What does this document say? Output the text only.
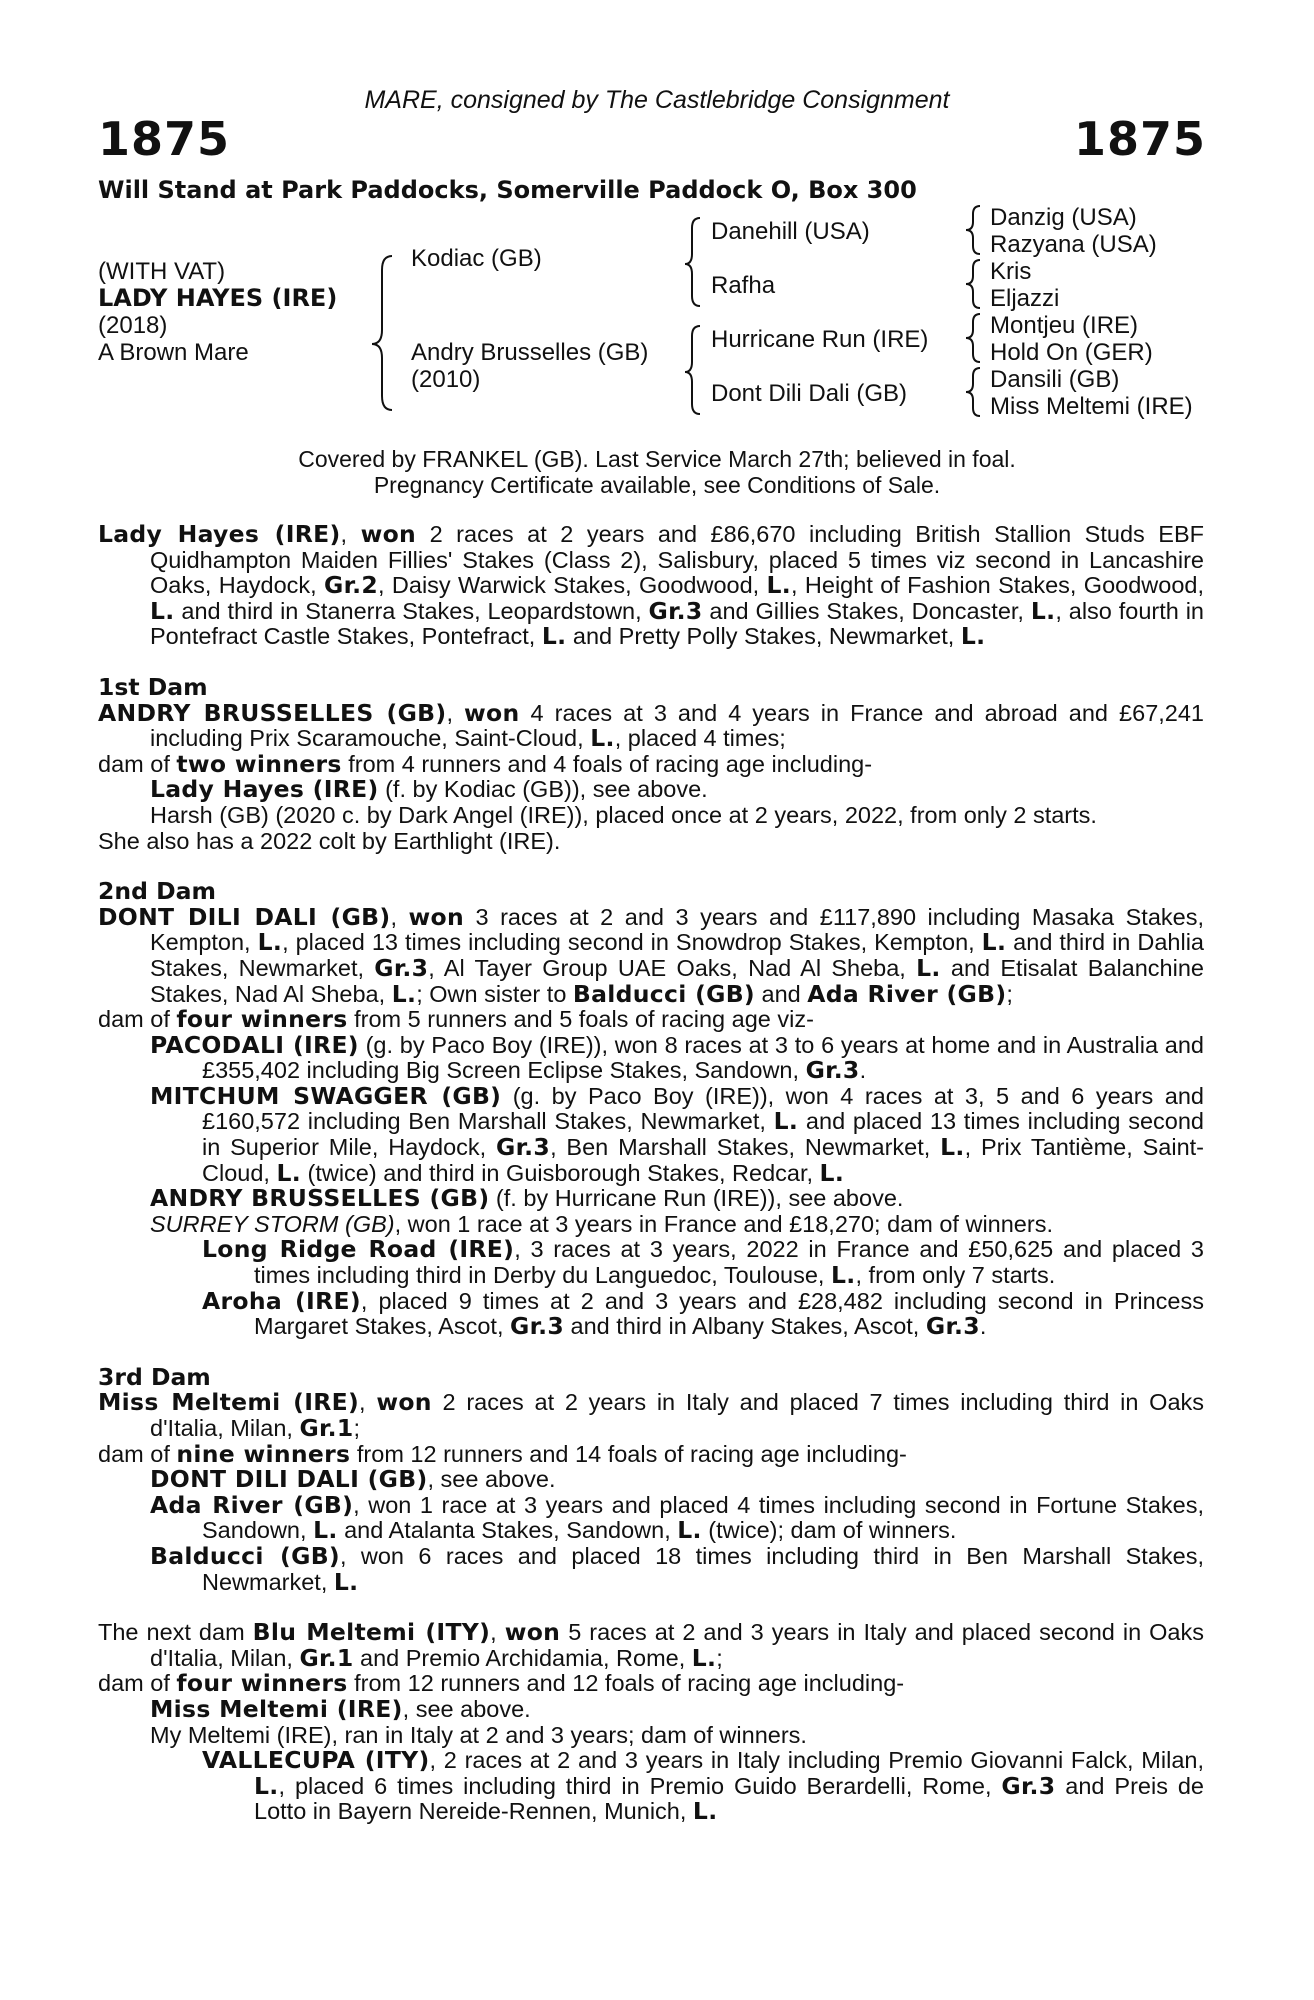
MARE, consigned by The Castlebridge Consignment
1875	1875
Will Stand at Park Paddocks, Somerville Paddock O, Box 300
(WITH VAT)
LADY HAYES (IRE)
(2018)
A Brown Mare
Kodiac (GB)
Andry Brusselles (GB)
(2010)
Danehill (USA)
Rafha
Hurricane Run (IRE)
Dont Dili Dali (GB)
Danzig (USA)
Razyana (USA)
Kris
Eljazzi
Montjeu (IRE)
Hold On (GER)
Dansili (GB)
Miss Meltemi (IRE)
Covered by FRANKEL (GB). Last Service March 27th; believed in foal.
Pregnancy Certificate available, see Conditions of Sale.

Lady Hayes (IRE), won 2 races at 2 years and £86,670 including British Stallion Studs EBF Quidhampton Maiden Fillies' Stakes (Class 2), Salisbury, placed 5 times viz second in Lancashire Oaks, Haydock, Gr.2, Daisy Warwick Stakes, Goodwood, L., Height of Fashion Stakes, Goodwood, L. and third in Stanerra Stakes, Leopardstown, Gr.3 and Gillies Stakes, Doncaster, L., also fourth in Pontefract Castle Stakes, Pontefract, L. and Pretty Polly Stakes, Newmarket, L.

1st Dam

ANDRY BRUSSELLES (GB), won 4 races at 3 and 4 years in France and abroad and £67,241 including Prix Scaramouche, Saint-Cloud, L., placed 4 times;

dam of two winners from 4 runners and 4 foals of racing age including-

Lady Hayes (IRE) (f. by Kodiac (GB)), see above.

Harsh (GB) (2020 c. by Dark Angel (IRE)), placed once at 2 years, 2022, from only 2 starts.

She also has a 2022 colt by Earthlight (IRE).

2nd Dam

DONT DILI DALI (GB), won 3 races at 2 and 3 years and £117,890 including Masaka Stakes, Kempton, L., placed 13 times including second in Snowdrop Stakes, Kempton, L. and third in Dahlia Stakes, Newmarket, Gr.3, Al Tayer Group UAE Oaks, Nad Al Sheba, L. and Etisalat Balanchine Stakes, Nad Al Sheba, L.; Own sister to Balducci (GB) and Ada River (GB);

dam of four winners from 5 runners and 5 foals of racing age viz-

PACODALI (IRE) (g. by Paco Boy (IRE)), won 8 races at 3 to 6 years at home and in Australia and £355,402 including Big Screen Eclipse Stakes, Sandown, Gr.3.

MITCHUM SWAGGER (GB) (g. by Paco Boy (IRE)), won 4 races at 3, 5 and 6 years and £160,572 including Ben Marshall Stakes, Newmarket, L. and placed 13 times including second in Superior Mile, Haydock, Gr.3, Ben Marshall Stakes, Newmarket, L., Prix Tantième, Saint-Cloud, L. (twice) and third in Guisborough Stakes, Redcar, L.

ANDRY BRUSSELLES (GB) (f. by Hurricane Run (IRE)), see above.

SURREY STORM (GB), won 1 race at 3 years in France and £18,270; dam of winners.

Long Ridge Road (IRE), 3 races at 3 years, 2022 in France and £50,625 and placed 3 times including third in Derby du Languedoc, Toulouse, L., from only 7 starts.

Aroha (IRE), placed 9 times at 2 and 3 years and £28,482 including second in Princess Margaret Stakes, Ascot, Gr.3 and third in Albany Stakes, Ascot, Gr.3.

3rd Dam

Miss Meltemi (IRE), won 2 races at 2 years in Italy and placed 7 times including third in Oaks d'Italia, Milan, Gr.1;

dam of nine winners from 12 runners and 14 foals of racing age including-

DONT DILI DALI (GB), see above.

Ada River (GB), won 1 race at 3 years and placed 4 times including second in Fortune Stakes, Sandown, L. and Atalanta Stakes, Sandown, L. (twice); dam of winners.

Balducci (GB), won 6 races and placed 18 times including third in Ben Marshall Stakes, Newmarket, L.

The next dam Blu Meltemi (ITY), won 5 races at 2 and 3 years in Italy and placed second in Oaks d'Italia, Milan, Gr.1 and Premio Archidamia, Rome, L.;

dam of four winners from 12 runners and 12 foals of racing age including-

Miss Meltemi (IRE), see above.

My Meltemi (IRE), ran in Italy at 2 and 3 years; dam of winners.

VALLECUPA (ITY), 2 races at 2 and 3 years in Italy including Premio Giovanni Falck, Milan, L., placed 6 times including third in Premio Guido Berardelli, Rome, Gr.3 and Preis de Lotto in Bayern Nereide-Rennen, Munich, L.
